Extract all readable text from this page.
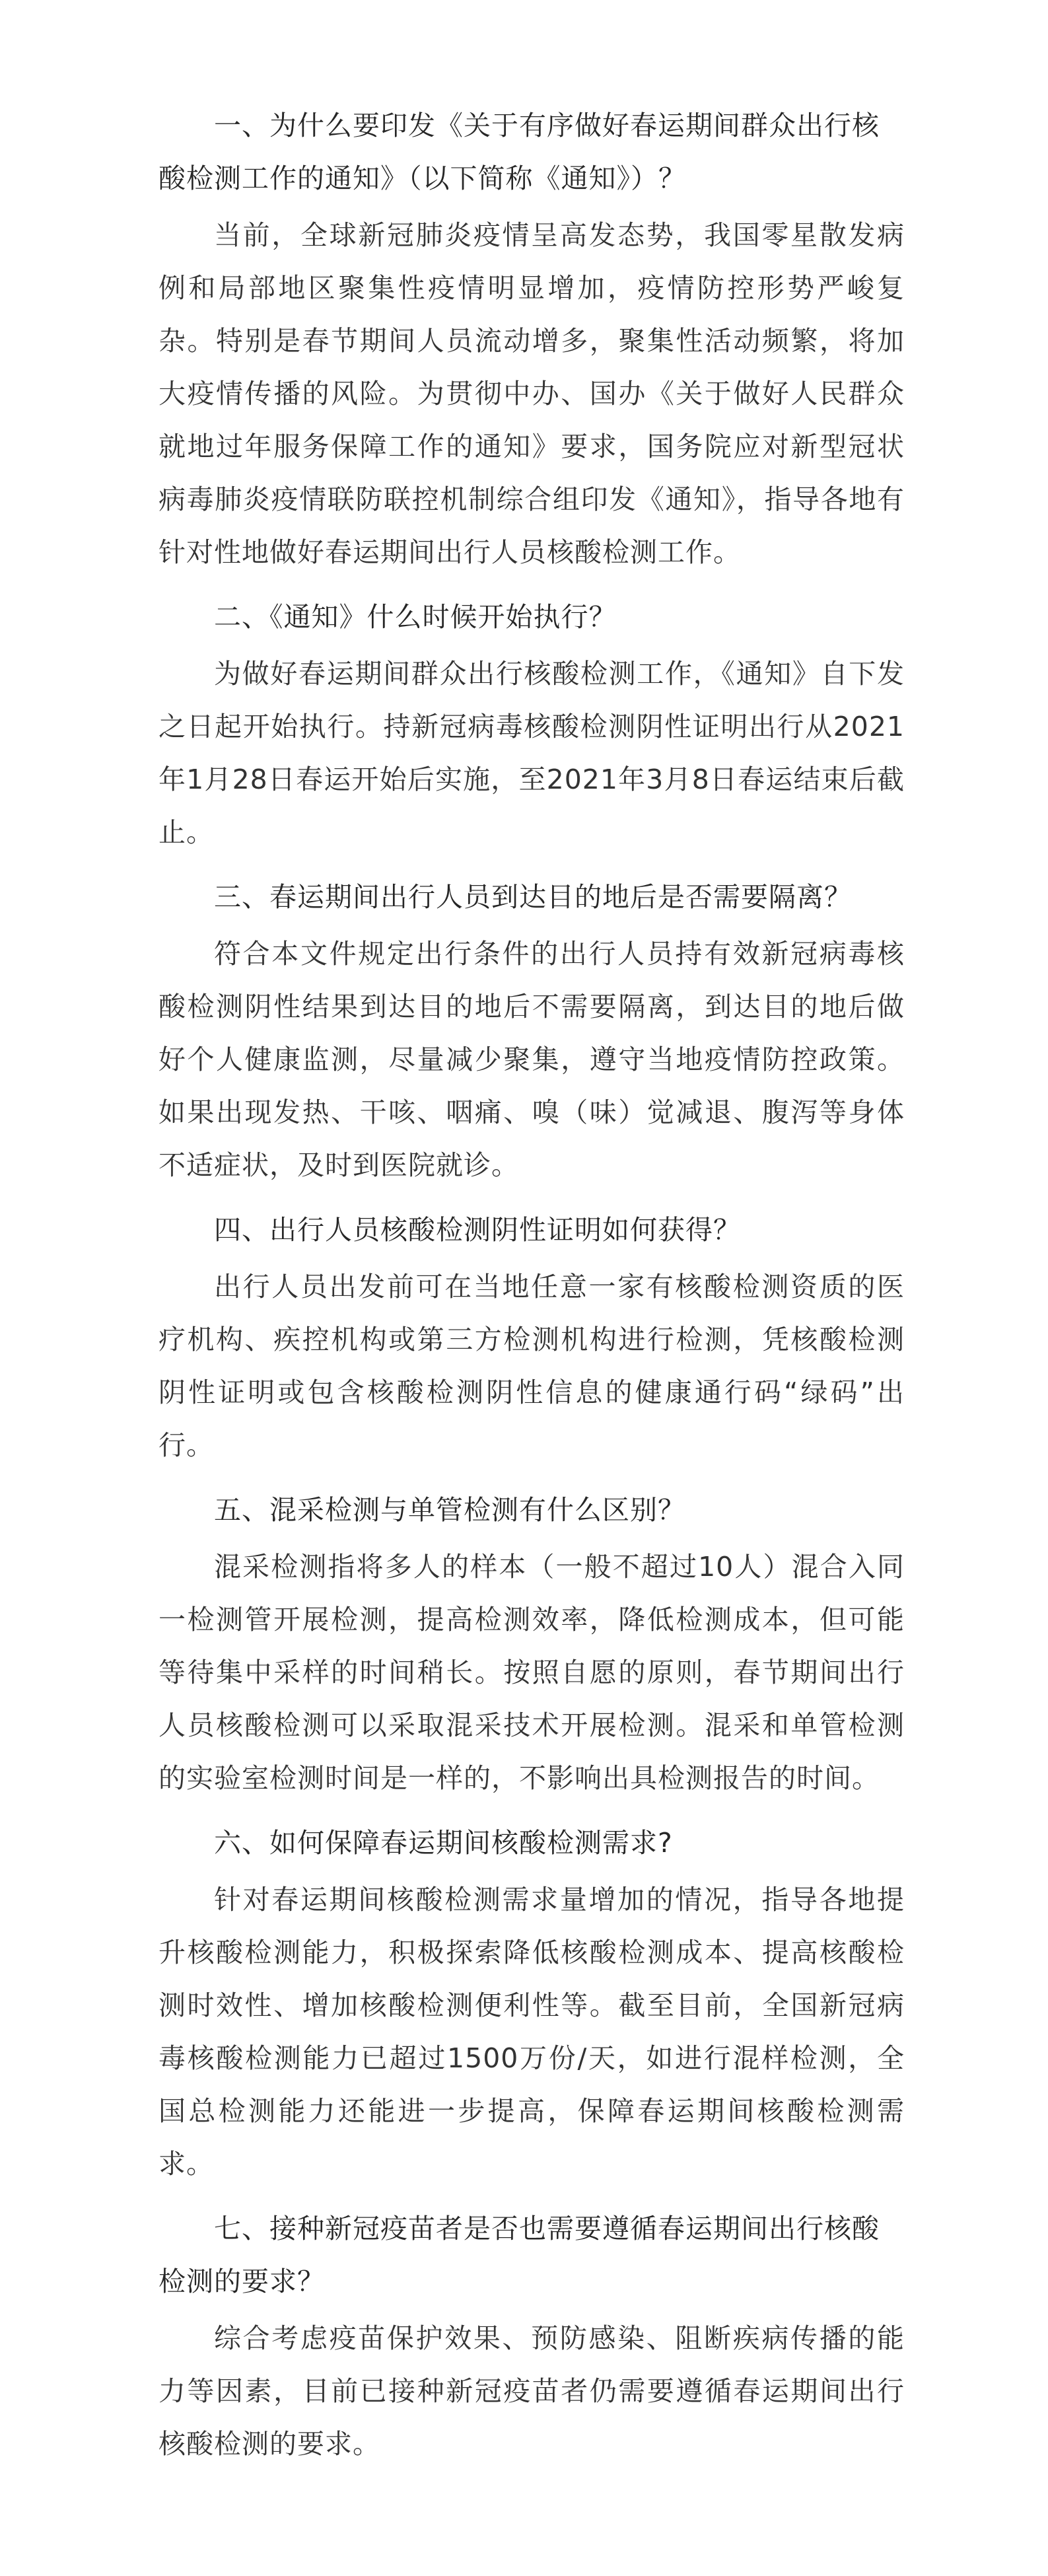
一、为什么要印发《关于有序做好春运期间群众出行核酸检测工作的通知》（以下简称《通知》）？

当前，全球新冠肺炎疫情呈高发态势，我国零星散发病例和局部地区聚集性疫情明显增加，疫情防控形势严峻复杂。特别是春节期间人员流动增多，聚集性活动频繁，将加大疫情传播的风险。为贯彻中办、国办《关于做好人民群众就地过年服务保障工作的通知》要求，国务院应对新型冠状病毒肺炎疫情联防联控机制综合组印发《通知》，指导各地有针对性地做好春运期间出行人员核酸检测工作。

二、《通知》什么时候开始执行？

为做好春运期间群众出行核酸检测工作，《通知》自下发之日起开始执行。持新冠病毒核酸检测阴性证明出行从2021年1月28日春运开始后实施，至2021年3月8日春运结束后截止。

三、春运期间出行人员到达目的地后是否需要隔离？

符合本文件规定出行条件的出行人员持有效新冠病毒核酸检测阴性结果到达目的地后不需要隔离，到达目的地后做好个人健康监测，尽量减少聚集，遵守当地疫情防控政策。如果出现发热、干咳、咽痛、嗅（味）觉减退、腹泻等身体不适症状，及时到医院就诊。

四、出行人员核酸检测阴性证明如何获得？

出行人员出发前可在当地任意一家有核酸检测资质的医疗机构、疾控机构或第三方检测机构进行检测，凭核酸检测阴性证明或包含核酸检测阴性信息的健康通行码“绿码”出行。

五、混采检测与单管检测有什么区别？

混采检测指将多人的样本（一般不超过10人）混合入同一检测管开展检测，提高检测效率，降低检测成本，但可能等待集中采样的时间稍长。按照自愿的原则，春节期间出行人员核酸检测可以采取混采技术开展检测。混采和单管检测的实验室检测时间是一样的，不影响出具检测报告的时间。

六、如何保障春运期间核酸检测需求?

针对春运期间核酸检测需求量增加的情况，指导各地提升核酸检测能力，积极探索降低核酸检测成本、提高核酸检测时效性、增加核酸检测便利性等。截至目前，全国新冠病毒核酸检测能力已超过1500万份/天，如进行混样检测，全国总检测能力还能进一步提高，保障春运期间核酸检测需求。

七、接种新冠疫苗者是否也需要遵循春运期间出行核酸检测的要求？

综合考虑疫苗保护效果、预防感染、阻断疾病传播的能力等因素，目前已接种新冠疫苗者仍需要遵循春运期间出行核酸检测的要求。
